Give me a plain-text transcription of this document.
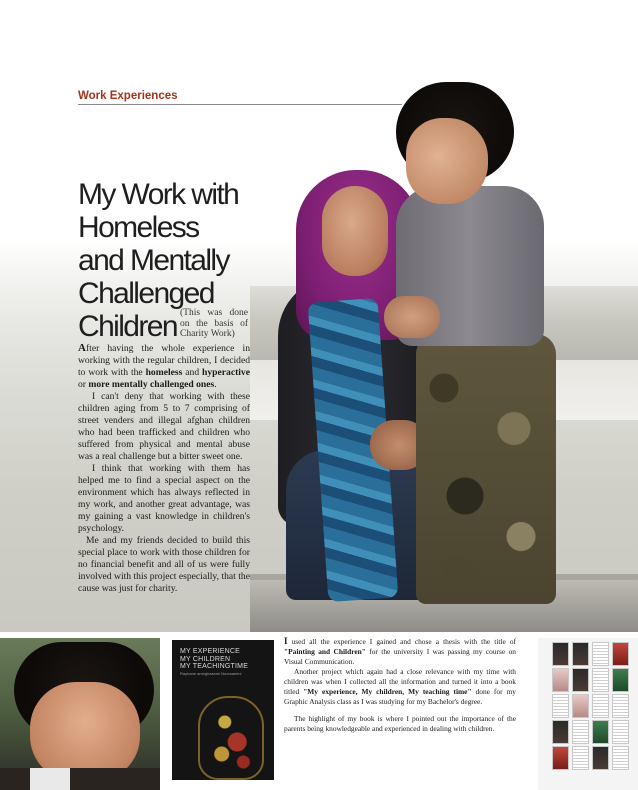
Work Experiences
My Work with
Homeless
and Mentally
Challenged
Children (This was done on the basis of Charity Work)

After having the whole experience in working with the regular children, I decided to work with the homeless and hyperactive or more mentally challenged ones.

I can't deny that working with these children aging from 5 to 7 comprising of street venders and illegal afghan children who had been trafficked and children who suffered from physical and mental abuse was a real challenge but a bitter sweet one.

I think that working with them has helped me to find a special aspect on the environment which has always reflected in my work, and another great advantage, was my gaining a vast knowledge in children's psychology.

Me and my friends decided to build this special place to work with those children for no financial benefit and all of us were fully involved with this project especially, that the cause was just for charity.

MY EXPERIENCE
MY CHILDREN
MY TEACHINGTIME

Rayhane amirghasemi Noorsamini

I used all the experience I gained and chose a thesis with the title of "Painting and Children" for the university I was passing my course on Visual Communication.

Another project which again had a close relevance with my time with children was when I collected all the information and turned it into a book titled "My experience, My children, My teaching time" done for my Graphic Analysis class as I was studying for my Bachelor's degree.

The highlight of my book is where I pointed out the importance of the parents being knowledgeable and experienced in dealing with children.
